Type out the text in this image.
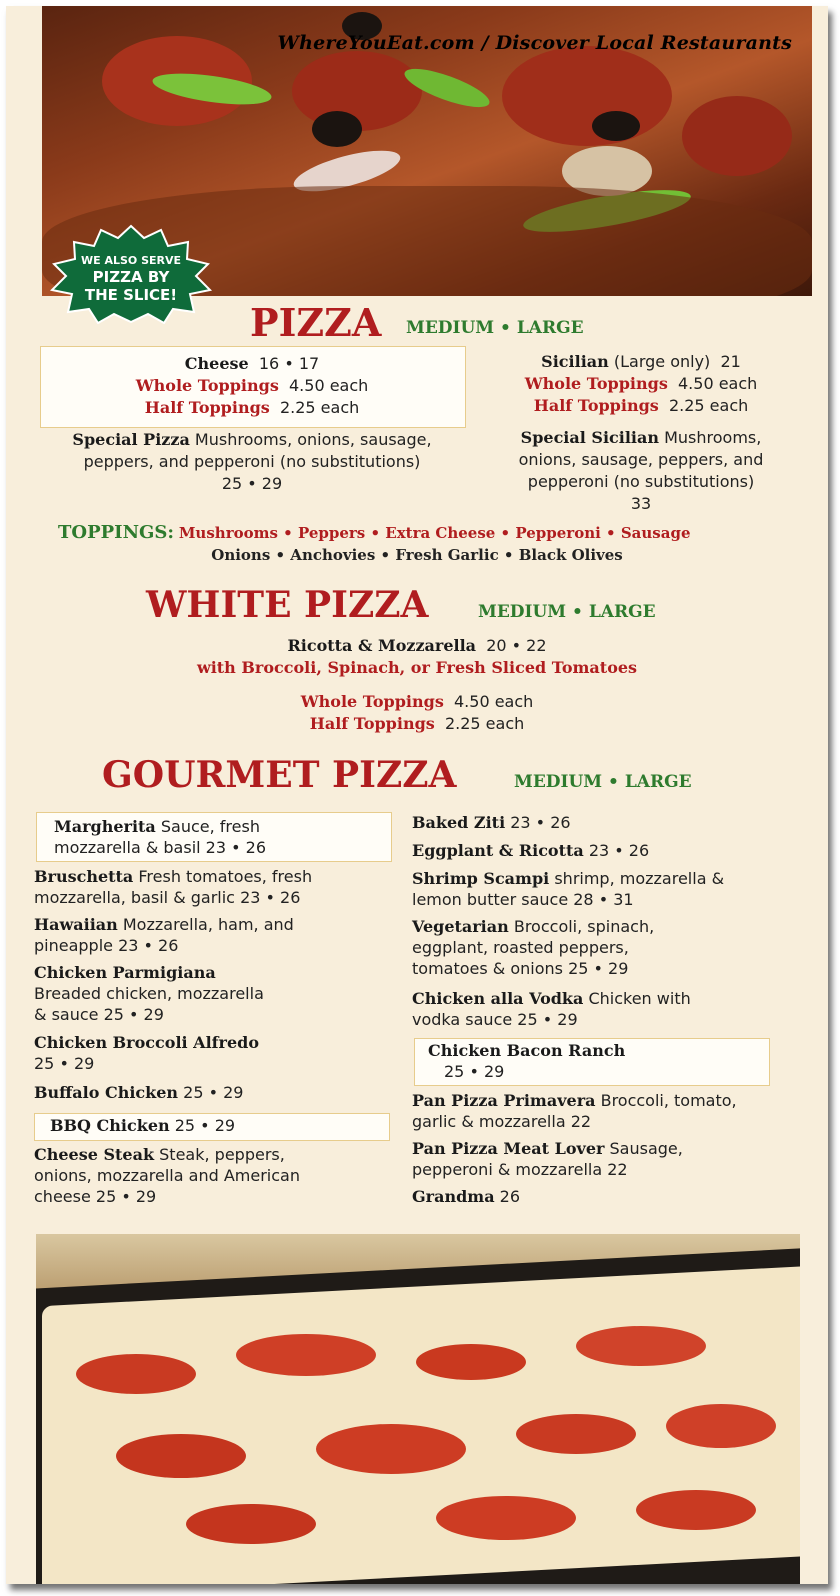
WhereYouEat.com / Discover Local Restaurants
WE ALSO SERVE
PIZZA BY
THE SLICE!
PIZZA MEDIUM • LARGE
Cheese 16 • 17
Whole Toppings 4.50 each
Half Toppings 2.25 each
Special Pizza Mushrooms, onions, sausage,
peppers, and pepperoni (no substitutions)
25 • 29
Sicilian (Large only) 21
Whole Toppings 4.50 each
Half Toppings 2.25 each
Special Sicilian Mushrooms,
onions, sausage, peppers, and
pepperoni (no substitutions)
33
TOPPINGS: Mushrooms • Peppers • Extra Cheese • Pepperoni • Sausage
Onions • Anchovies • Fresh Garlic • Black Olives
WHITE PIZZA	MEDIUM • LARGE
Ricotta & Mozzarella 20 • 22
with Broccoli, Spinach, or Fresh Sliced Tomatoes
Whole Toppings 4.50 each
Half Toppings 2.25 each
GOURMET PIZZA	MEDIUM • LARGE
Margherita Sauce, fresh
mozzarella & basil 23 • 26
Bruschetta Fresh tomatoes, fresh
mozzarella, basil & garlic 23 • 26
Hawaiian Mozzarella, ham, and
pineapple 23 • 26
Chicken Parmigiana
Breaded chicken, mozzarella
& sauce 25 • 29
Chicken Broccoli Alfredo
25 • 29
Buffalo Chicken 25 • 29
BBQ Chicken 25 • 29
Cheese Steak Steak, peppers,
onions, mozzarella and American
cheese 25 • 29
Baked Ziti 23 • 26
Eggplant & Ricotta 23 • 26
Shrimp Scampi shrimp, mozzarella &
lemon butter sauce 28 • 31
Vegetarian Broccoli, spinach,
eggplant, roasted peppers,
tomatoes & onions 25 • 29
Chicken alla Vodka Chicken with
vodka sauce 25 • 29
Chicken Bacon Ranch
25 • 29
Pan Pizza Primavera Broccoli, tomato,
garlic & mozzarella 22
Pan Pizza Meat Lover Sausage,
pepperoni & mozzarella 22
Grandma 26
